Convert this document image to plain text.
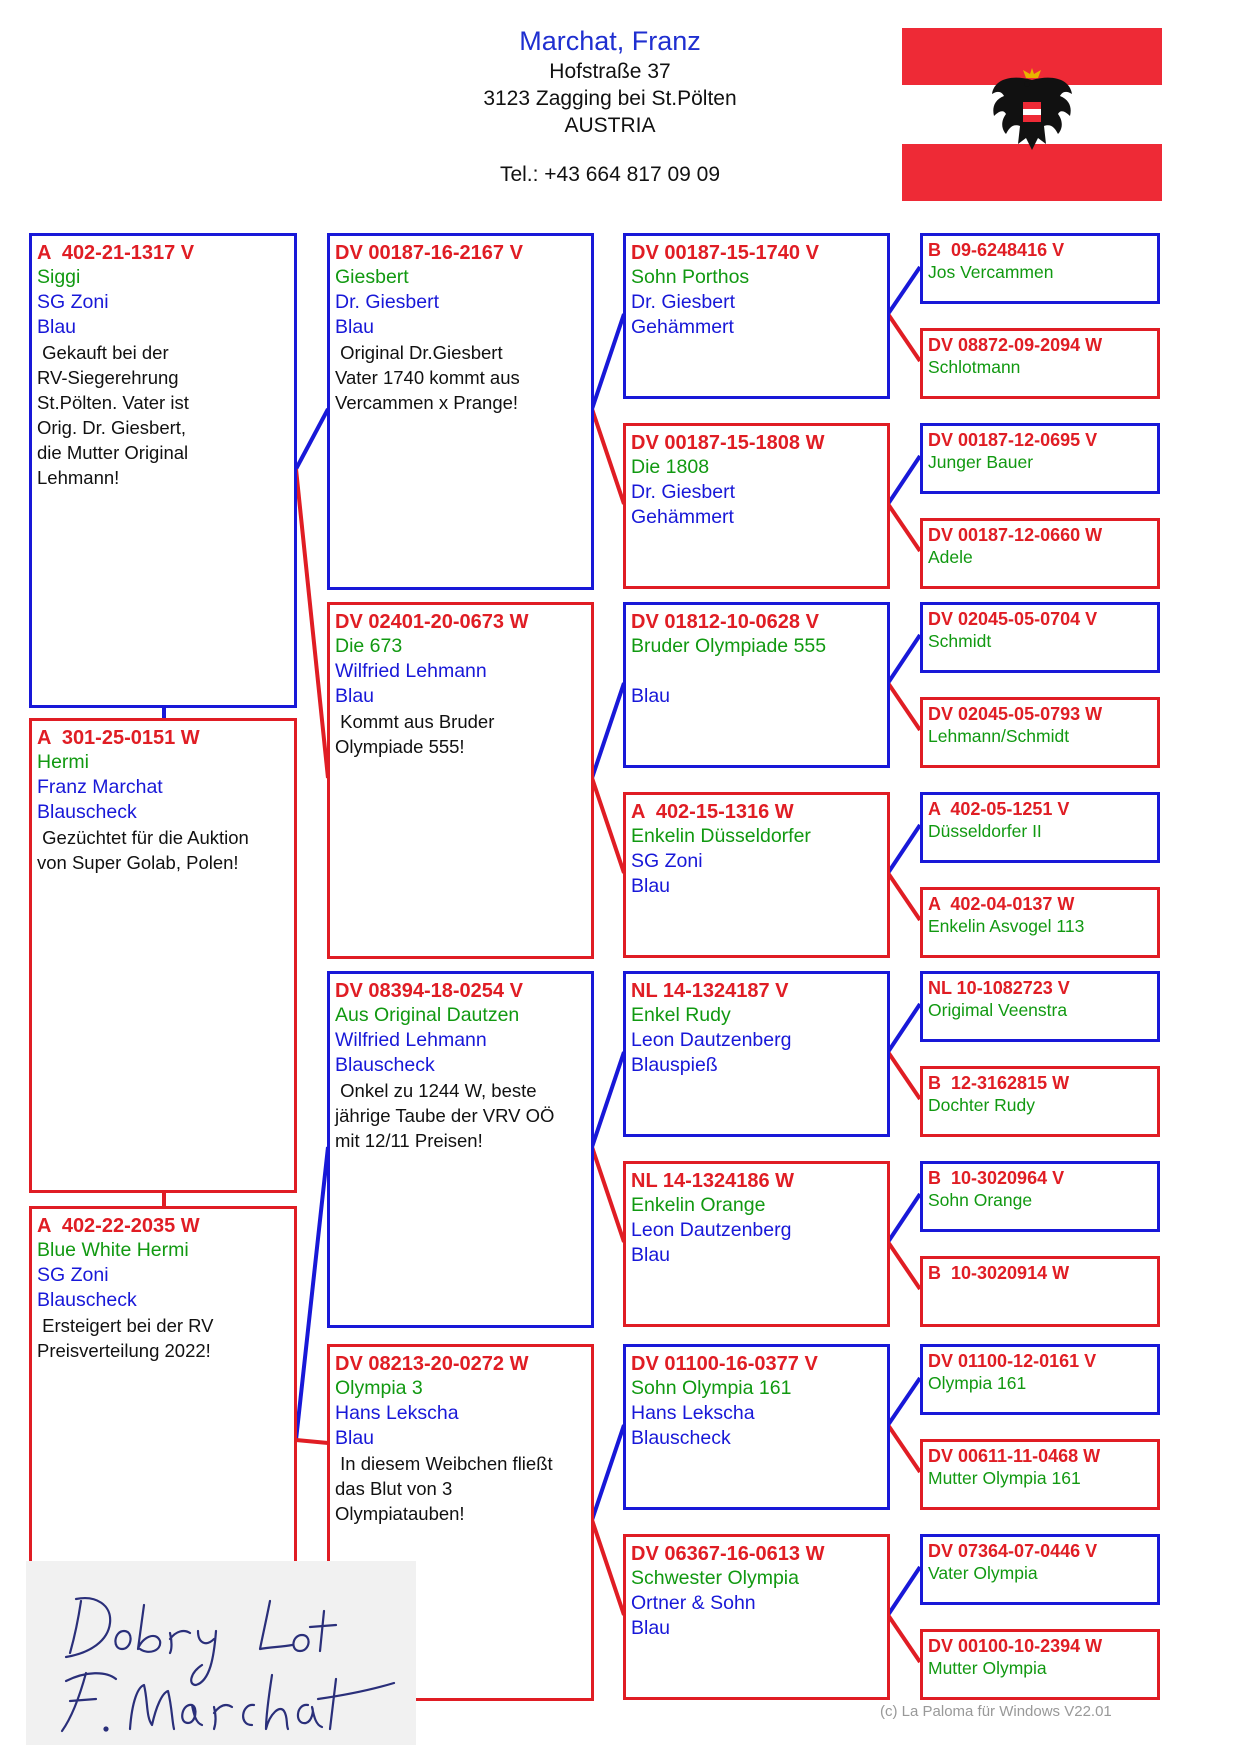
Marchat, Franz
Hofstraße 37
3123 Zagging bei St.Pölten
AUSTRIA
Tel.: +43 664 817 09 09
A  402-21-1317 V
Siggi
SG Zoni
Blau
Gekauft bei der
RV-Siegerehrung
St.Pölten. Vater ist
Orig. Dr. Giesbert,
die Mutter Original
Lehmann!
A  301-25-0151 W
Hermi
Franz Marchat
Blauscheck
Gezüchtet für die Auktion
von Super Golab, Polen!
A  402-22-2035 W
Blue White Hermi
SG Zoni
Blauscheck
Ersteigert bei der RV
Preisverteilung 2022!
DV 00187-16-2167 V
Giesbert
Dr. Giesbert
Blau
Original Dr.Giesbert
Vater 1740 kommt aus
Vercammen x Prange!
DV 02401-20-0673 W
Die 673
Wilfried Lehmann
Blau
Kommt aus Bruder
Olympiade 555!
DV 08394-18-0254 V
Aus Original Dautzen
Wilfried Lehmann
Blauscheck
Onkel zu 1244 W, beste
jährige Taube der VRV OÖ
mit 12/11 Preisen!
DV 08213-20-0272 W
Olympia 3
Hans Lekscha
Blau
In diesem Weibchen fließt
das Blut von 3
Olympiatauben!
DV 00187-15-1740 V
Sohn Porthos
Dr. Giesbert
Gehämmert
DV 00187-15-1808 W
Die 1808
Dr. Giesbert
Gehämmert
DV 01812-10-0628 V
Bruder Olympiade 555
Blau
A  402-15-1316 W
Enkelin Düsseldorfer
SG Zoni
Blau
NL 14-1324187 V
Enkel Rudy
Leon Dautzenberg
Blauspieß
NL 14-1324186 W
Enkelin Orange
Leon Dautzenberg
Blau
DV 01100-16-0377 V
Sohn Olympia 161
Hans Lekscha
Blauscheck
DV 06367-16-0613 W
Schwester Olympia
Ortner & Sohn
Blau
B  09-6248416 V
Jos Vercammen
DV 08872-09-2094 W
Schlotmann
DV 00187-12-0695 V
Junger Bauer
DV 00187-12-0660 W
Adele
DV 02045-05-0704 V
Schmidt
DV 02045-05-0793 W
Lehmann/Schmidt
A  402-05-1251 V
Düsseldorfer II
A  402-04-0137 W
Enkelin Asvogel 113
NL 10-1082723 V
Origimal Veenstra
B  12-3162815 W
Dochter Rudy
B  10-3020964 V
Sohn Orange
B  10-3020914 W
DV 01100-12-0161 V
Olympia 161
DV 00611-11-0468 W
Mutter Olympia 161
DV 07364-07-0446 V
Vater Olympia
DV 00100-10-2394 W
Mutter Olympia
(c) La Paloma für Windows V22.01
